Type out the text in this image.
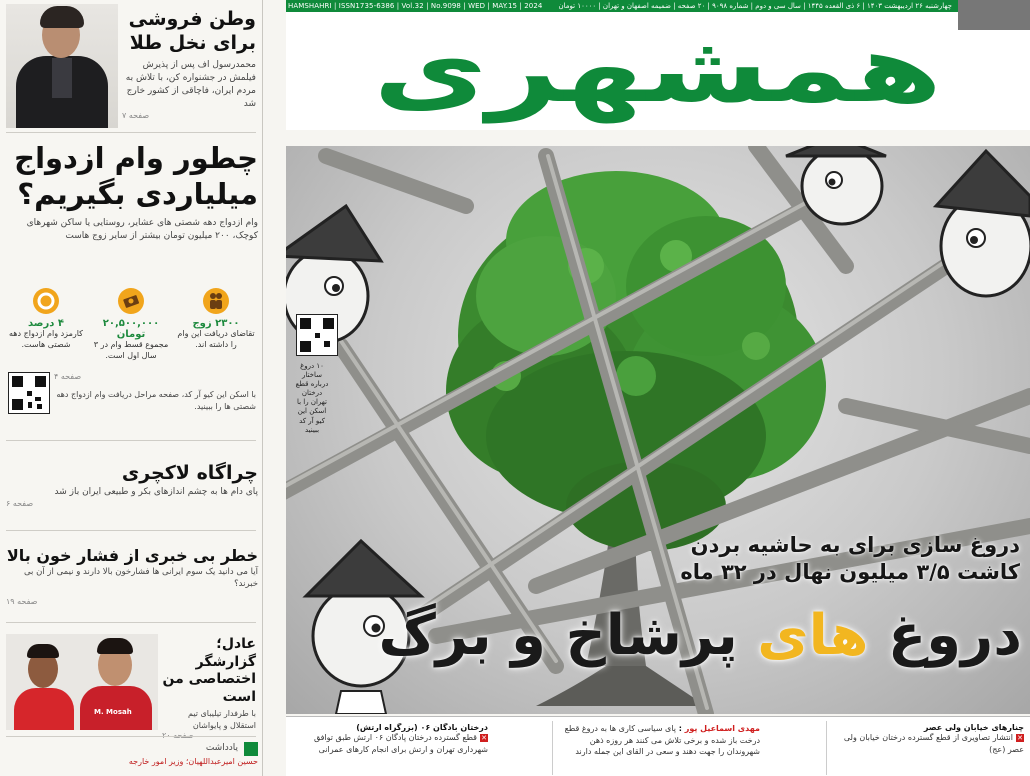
وطن فروشی
برای نخل طلا
محمدرسول اف پس از پذیرش فیلمش در جشنواره کن، با تلاش به مردم ایران، فاچاقی از کشور خارج شد
صفحه ۷
چطور وام ازدواج
میلیاردی بگیریم؟
وام ازدواج دهه شصتی های عشایر، روستایی یا ساکن شهرهای کوچک، ۲۰۰ میلیون تومان بیشتر از سایر زوج هاست
۲۳۰۰ زوج
تقاضای دریافت این وام را داشته اند.
۲۰,۵۰۰,۰۰۰ تومان
مجموع قسط وام در ۳ سال اول است.
۴ درصد
کارمزد وام ازدواج دهه شصتی هاست.
صفحه ۴
با اسکن این کیو آر کد، صفحه مراحل دریافت وام ازدواج دهه شصتی ها را ببینید.
چراگاه لاکچری
پای دام ها به چشم اندازهای بکر و طبیعی ایران باز شد
صفحه ۶
خطر بی خبری از فشار خون بالا
آیا می دانید یک سوم ایرانی ها فشارخون بالا دارند و نیمی از آن بی خبرند؟
صفحه ۱۹
M. Mosah
عادل؛ گزارشگر
اختصاصی من است
با طرفدار تیلیبای تیم استقلال و پایواشان
یادداشت
حسین امیرعبداللهیان؛ وزیر امور خارجه
HAMSHAHRI | ISSN1735-6386 | Vol.32 | No.9098 | WED | MAY.15 | 2024 چهارشنبه ۲۶ اردیبهشت ۱۴۰۳ | ۶ ذی القعده ۱۴۴۵ | سال سی و دوم | شماره ۹۰۹۸ | ۲۰ صفحه | ضمیمه اصفهان و تهران | ۱۰۰۰۰ تومان
همشهری
۱۰ دروغ ساختار درباره قطع درختان تهران را با اسکن این کیو آر کد ببینید
دروغ سازی برای به حاشیه بردن
کاشت ۳/۵ میلیون نهال در ۳۲ ماه
دروغ های پرشاخ و برگ
درختان بادگان ۰۶ (بزرگراه ارتش)
✕قطع گسترده درختان پادگان ۰۶ ارتش طبق توافق شهرداری تهران و ارتش برای انجام کارهای عمرانی
مهدی اسماعیل پور : پای سیاسی کاری ها به دروغ قطع درخت باز شده و برخی تلاش می کنند هر روزه ذهن شهروندان را جهت دهند و سعی در القای این جمله دارند
چنارهای خیابان ولی عصر
✕انتشار تصاویری از قطع گسترده درختان خیابان ولی عصر (عج)
